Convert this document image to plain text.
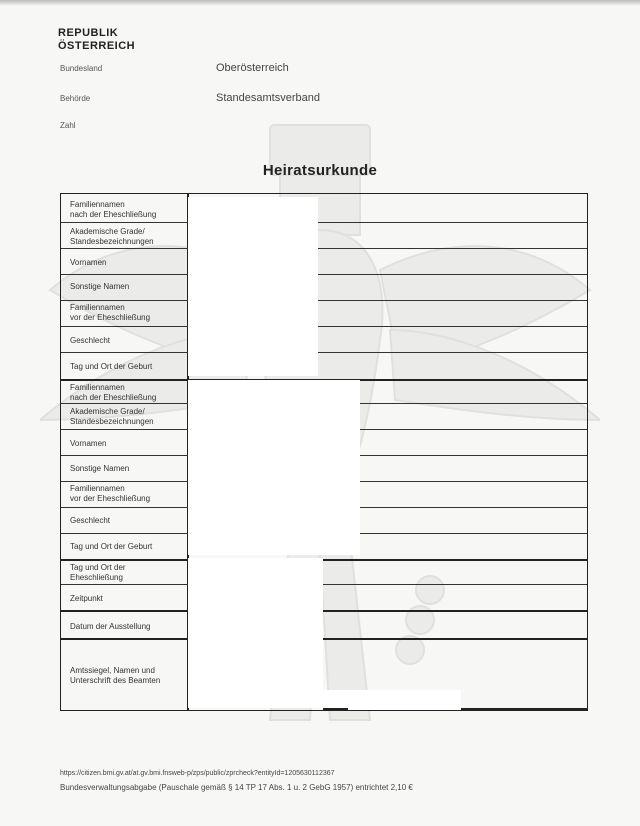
REPUBLIK
ÖSTERREICH
Bundesland	Oberösterreich
Behörde	Standesamtsverband
Zahl
Heiratsurkunde
Familiennamen
nach der Eheschließung
Akademische Grade/
Standesbezeichnungen
Vornamen
Sonstige Namen
Familiennamen
vor der Eheschließung
Geschlecht
Tag und Ort der Geburt
Familiennamen
nach der Eheschließung
Akademische Grade/
Standesbezeichnungen
Vornamen
Sonstige Namen
Familiennamen
vor der Eheschließung
Geschlecht
Tag und Ort der Geburt
Tag und Ort der
Eheschließung
Zeitpunkt
Datum der Ausstellung
Amtssiegel, Namen und
Unterschrift des Beamten
https://citizen.bmi.gv.at/at.gv.bmi.fnsweb-p/zps/public/zprcheck?entityId=1205630112367
Bundesverwaltungsabgabe (Pauschale gemäß § 14 TP 17 Abs. 1 u. 2 GebG 1957) entrichtet 2,10 €
